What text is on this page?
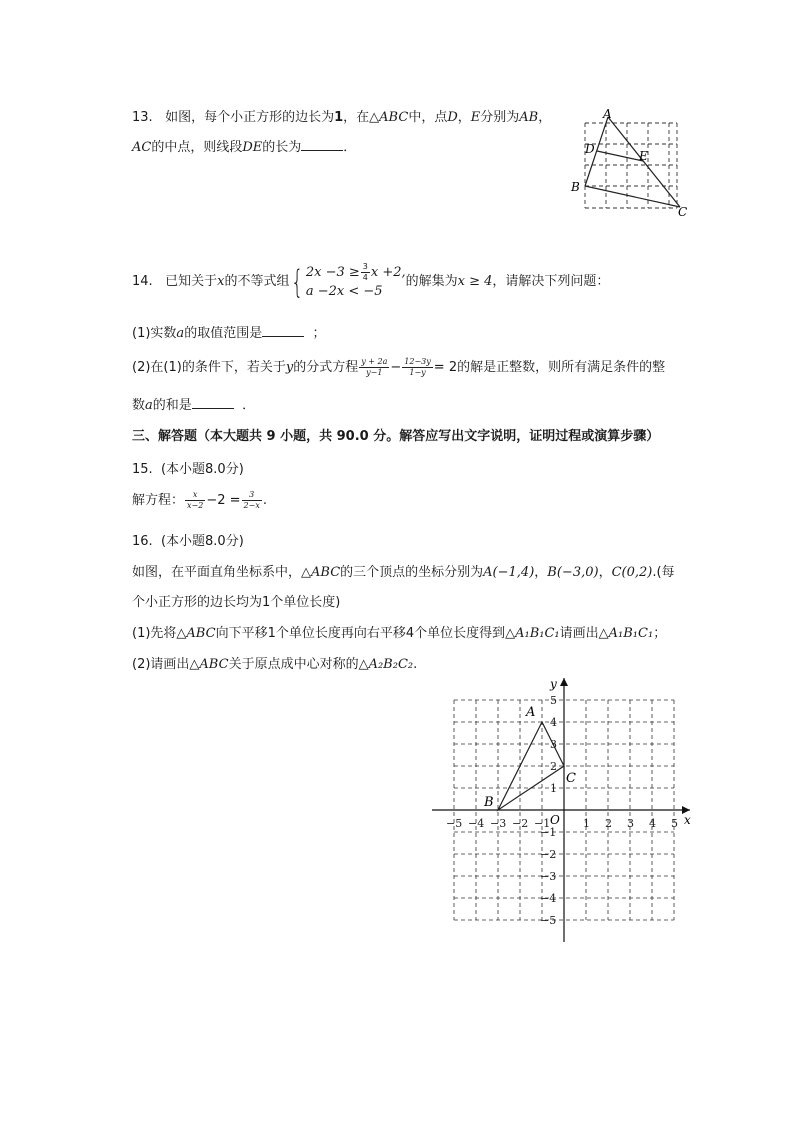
13. 如图，每个小正方形的边长为1，在△ABC中，点D，E分别为AB，
AC的中点，则线段DE的长为	．
A
B
C
D	E
14. 已知关于x的不等式组{ $2x -3 \ge \frac{3}{4}$ x +2,
a −2x < −5
的解集为x ≥ 4，请解决下列问题：
(1)实数a的取值范围是	；
(2)在(1)的条件下，若关于y的分式方程 $\frac{y + 2a}{y-1} - \frac{12-3y}{1-y} = 2$的解是正整数，则所有满足条件的整
数a的和是	．
三、解答题（本大题共 9 小题，共 90.0 分。解答应写出文字说明，证明过程或演算步骤）
15. (本小题8.0分)
解方程： $\frac{x}{x-2} -2 = \frac{3}{2-x}$ .
16. (本小题8.0分)
如图，在平面直角坐标系中，△ABC的三个顶点的坐标分别为A(−1,4)，B(−3,0)，C(0,2).(每
个小正方形的边长均为1个单位长度)
(1)先将△ABC向下平移1个单位长度再向右平移4个单位长度得到△A₁B₁C₁请画出△A₁B₁C₁；
(2)请画出△ABC关于原点成中心对称的△A₂B₂C₂.
−5 −4 −3 −2 −1	1 2 3 4 5
5
4
3
2
1
−1
−2
−3
−4
−5
x
y
O
A
B
C
